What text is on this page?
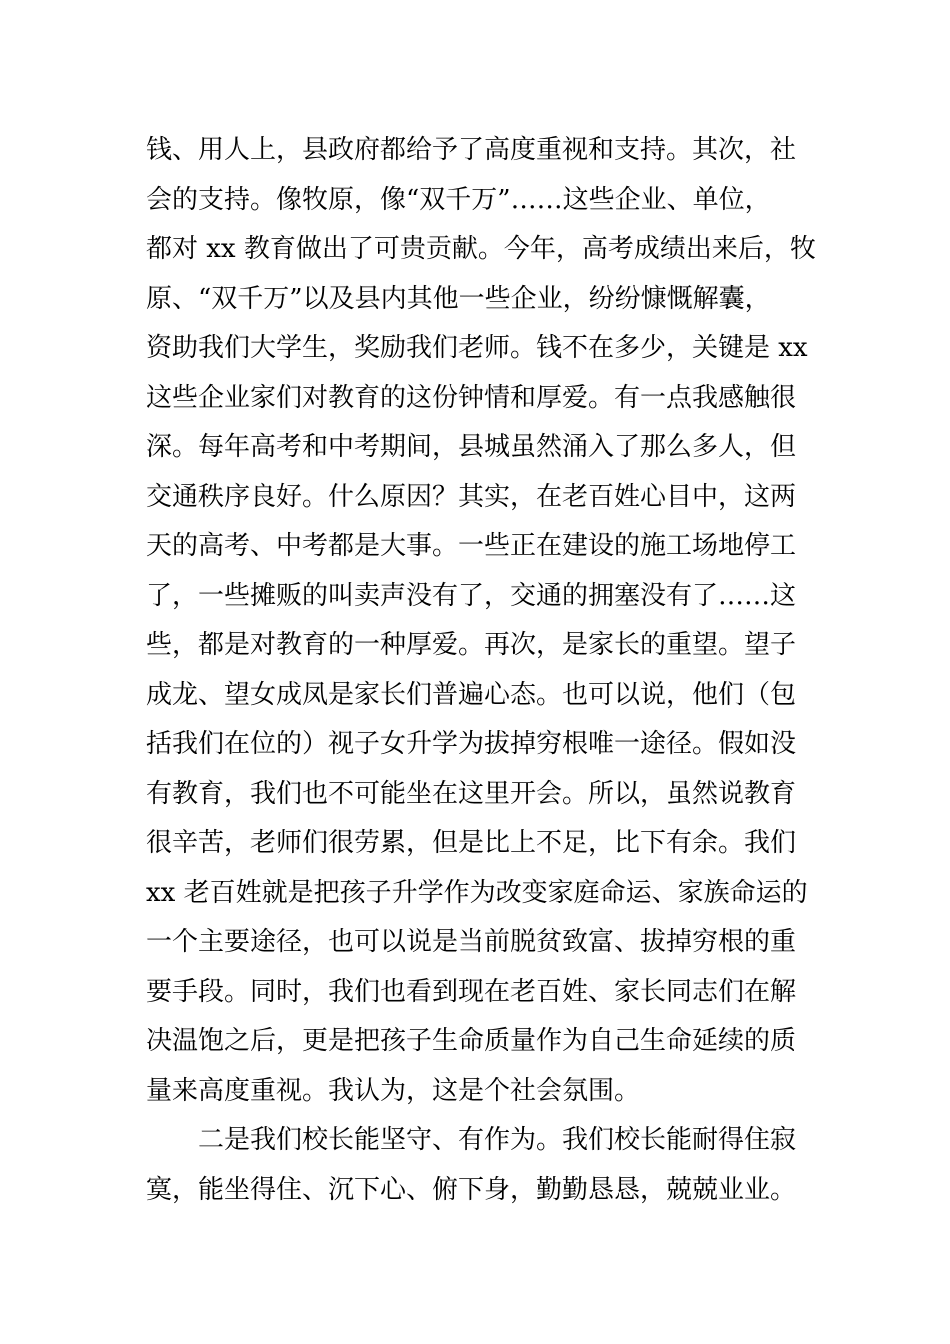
钱、用人上，县政府都给予了高度重视和支持。其次，社
会的支持。像牧原，像“双千万”……这些企业、单位，
都对 xx 教育做出了可贵贡献。今年，高考成绩出来后，牧
原、“双千万”以及县内其他一些企业，纷纷慷慨解囊，
资助我们大学生，奖励我们老师。钱不在多少，关键是 xx
这些企业家们对教育的这份钟情和厚爱。有一点我感触很
深。每年高考和中考期间，县城虽然涌入了那么多人，但
交通秩序良好。什么原因？其实，在老百姓心目中，这两
天的高考、中考都是大事。一些正在建设的施工场地停工
了，一些摊贩的叫卖声没有了，交通的拥塞没有了……这
些，都是对教育的一种厚爱。再次，是家长的重望。望子
成龙、望女成凤是家长们普遍心态。也可以说，他们（包
括我们在位的）视子女升学为拔掉穷根唯一途径。假如没
有教育，我们也不可能坐在这里开会。所以，虽然说教育
很辛苦，老师们很劳累，但是比上不足，比下有余。我们
xx 老百姓就是把孩子升学作为改变家庭命运、家族命运的
一个主要途径，也可以说是当前脱贫致富、拔掉穷根的重
要手段。同时，我们也看到现在老百姓、家长同志们在解
决温饱之后，更是把孩子生命质量作为自己生命延续的质
量来高度重视。我认为，这是个社会氛围。
二是我们校长能坚守、有作为。我们校长能耐得住寂
寞，能坐得住、沉下心、俯下身，勤勤恳恳，兢兢业业。
